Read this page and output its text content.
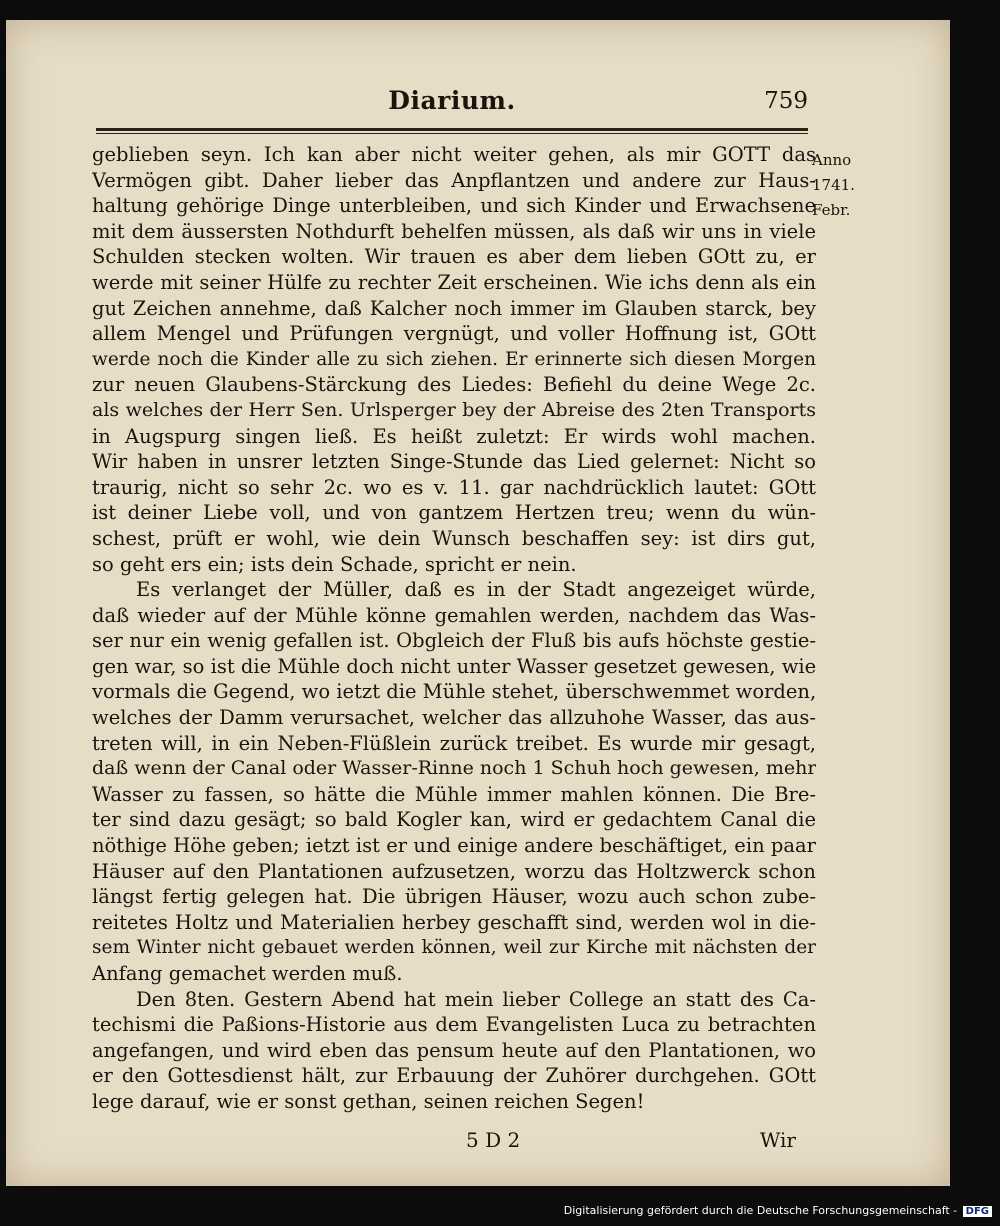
Diarium.	759
Anno
1741.
Febr.
geblieben seyn. Ich kan aber nicht weiter gehen, als mir GOTT das
Vermögen gibt. Daher lieber das Anpflantzen und andere zur Haus-
haltung gehörige Dinge unterbleiben, und sich Kinder und Erwachsene
mit dem äussersten Nothdurft behelfen müssen, als daß wir uns in viele
Schulden stecken wolten. Wir trauen es aber dem lieben GOtt zu, er
werde mit seiner Hülfe zu rechter Zeit erscheinen. Wie ichs denn als ein
gut Zeichen annehme, daß Kalcher noch immer im Glauben starck, bey
allem Mengel und Prüfungen vergnügt, und voller Hoffnung ist, GOtt
werde noch die Kinder alle zu sich ziehen. Er erinnerte sich diesen Morgen
zur neuen Glaubens-Stärckung des Liedes: Befiehl du deine Wege 2c.
als welches der Herr Sen. Urlsperger bey der Abreise des 2ten Transports
in Augspurg singen ließ. Es heißt zuletzt: Er wirds wohl machen.
Wir haben in unsrer letzten Singe-Stunde das Lied gelernet: Nicht so
traurig, nicht so sehr 2c. wo es v. 11. gar nachdrücklich lautet: GOtt
ist deiner Liebe voll, und von gantzem Hertzen treu; wenn du wün-
schest, prüft er wohl, wie dein Wunsch beschaffen sey: ist dirs gut,
so geht ers ein; ists dein Schade, spricht er nein.
Es verlanget der Müller, daß es in der Stadt angezeiget würde,
daß wieder auf der Mühle könne gemahlen werden, nachdem das Was-
ser nur ein wenig gefallen ist. Obgleich der Fluß bis aufs höchste gestie-
gen war, so ist die Mühle doch nicht unter Wasser gesetzet gewesen, wie
vormals die Gegend, wo ietzt die Mühle stehet, überschwemmet worden,
welches der Damm verursachet, welcher das allzuhohe Wasser, das aus-
treten will, in ein Neben-Flüßlein zurück treibet. Es wurde mir gesagt,
daß wenn der Canal oder Wasser-Rinne noch 1 Schuh hoch gewesen, mehr
Wasser zu fassen, so hätte die Mühle immer mahlen können. Die Bre-
ter sind dazu gesägt; so bald Kogler kan, wird er gedachtem Canal die
nöthige Höhe geben; ietzt ist er und einige andere beschäftiget, ein paar
Häuser auf den Plantationen aufzusetzen, worzu das Holtzwerck schon
längst fertig gelegen hat. Die übrigen Häuser, wozu auch schon zube-
reitetes Holtz und Materialien herbey geschafft sind, werden wol in die-
sem Winter nicht gebauet werden können, weil zur Kirche mit nächsten der
Anfang gemachet werden muß.
Den 8ten. Gestern Abend hat mein lieber College an statt des Ca-
techismi die Paßions-Historie aus dem Evangelisten Luca zu betrachten
angefangen, und wird eben das pensum heute auf den Plantationen, wo
er den Gottesdienst hält, zur Erbauung der Zuhörer durchgehen. GOtt
lege darauf, wie er sonst gethan, seinen reichen Segen!
5 D 2	Wir
Digitalisierung gefördert durch die Deutsche Forschungsgemeinschaft - DFG
